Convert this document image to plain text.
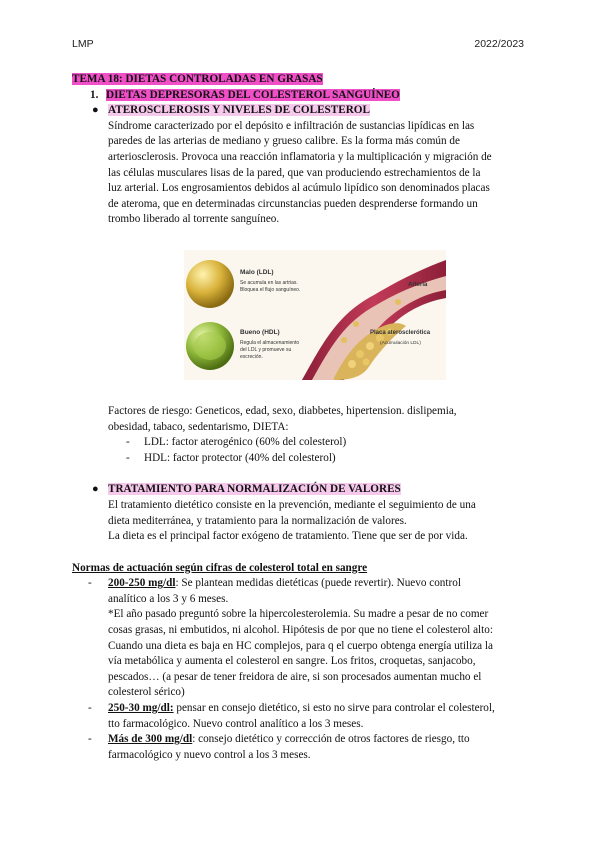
LMP	2022/2023
TEMA 18: DIETAS CONTROLADAS EN GRASAS
1. DIETAS DEPRESORAS DEL COLESTEROL SANGUÍNEO
● ATEROSCLEROSIS Y NIVELES DE COLESTEROL

Síndrome caracterizado por el depósito e infiltración de sustancias lipídicas en las

paredes de las arterias de mediano y grueso calibre. Es la forma más común de

arteriosclerosis. Provoca una reacción inflamatoria y la multiplicación y migración de

las células musculares lisas de la pared, que van produciendo estrechamientos de la

luz arterial. Los engrosamientos debidos al acúmulo lipídico son denominados placas

de ateroma, que en determinadas circunstancias pueden desprenderse formando un

trombo liberado al torrente sanguíneo.

Malo (LDL)
Se acumula en las artrias.
Bloquea el flujo sanguíneo.
Bueno (HDL)
Regula el almacenamiento
del LDL y promueve su
excreción.
Arteria
Placa aterosclerótica
(Acumulación LDL)

Factores de riesgo: Geneticos, edad, sexo, diabbetes, hipertension. dislipemia,

obesidad, tabaco, sedentarismo, DIETA:

- LDL: factor aterogénico (60% del colesterol)
- HDL: factor protector (40% del colesterol)
● TRATAMIENTO PARA NORMALIZACIÓN DE VALORES

El tratamiento dietético consiste en la prevención, mediante el seguimiento de una

dieta mediterránea, y tratamiento para la normalización de valores.

La dieta es el principal factor exógeno de tratamiento. Tiene que ser de por vida.

Normas de actuación según cifras de colesterol total en sangre
- 200-250 mg/dl: Se plantean medidas dietéticas (puede revertir). Nuevo control
analítico a los 3 y 6 meses.
*El año pasado preguntó sobre la hipercolesterolemia. Su madre a pesar de no comer
cosas grasas, ni embutidos, ni alcohol. Hipótesis de por que no tiene el colesterol alto:
Cuando una dieta es baja en HC complejos, para q el cuerpo obtenga energía utiliza la
vía metabólica y aumenta el colesterol en sangre. Los fritos, croquetas, sanjacobo,
pescados… (a pesar de tener freidora de aire, si son procesados aumentan mucho el
colesterol sérico)
- 250-30 mg/dl: pensar en consejo dietético, si esto no sirve para controlar el colesterol,
tto farmacológico. Nuevo control analítico a los 3 meses.
- Más de 300 mg/dl: consejo dietético y corrección de otros factores de riesgo, tto
farmacológico y nuevo control a los 3 meses.
